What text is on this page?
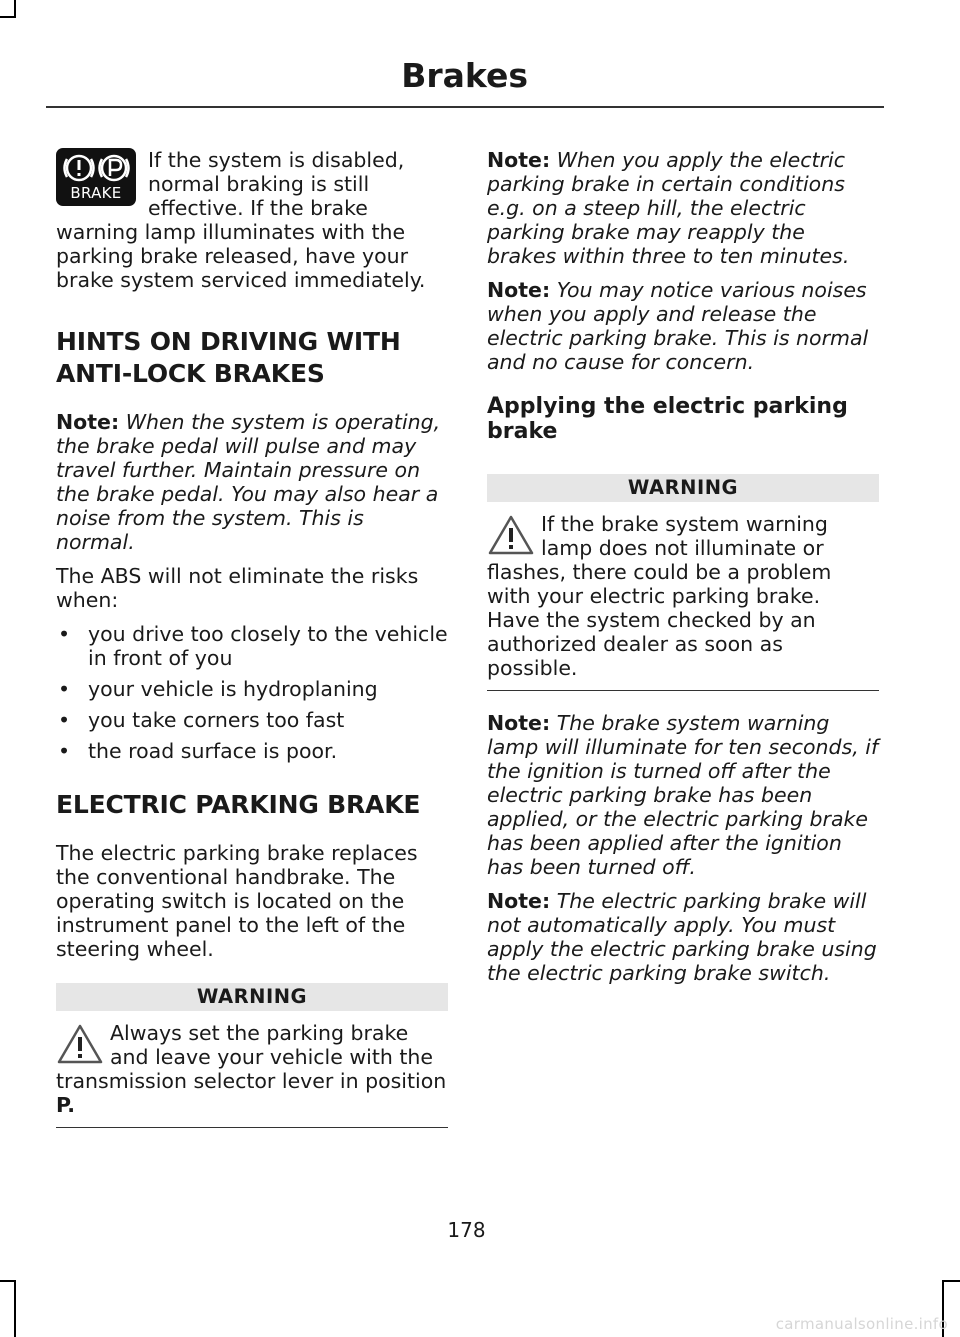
Brakes
BRAKE

If the system is disabled, normal braking is still effective. If the brake warning lamp illuminates with the parking brake released, have your brake system serviced immediately.

HINTS ON DRIVING WITH
ANTI-LOCK BRAKES

Note: When the system is operating, the brake pedal will pulse and may travel further. Maintain pressure on the brake pedal. You may also hear a noise from the system. This is normal.

The ABS will not eliminate the risks when:

• you drive too closely to the vehicle in front of you
• your vehicle is hydroplaning
• you take corners too fast
• the road surface is poor.
ELECTRIC PARKING BRAKE

The electric parking brake replaces the conventional handbrake. The operating switch is located on the instrument panel to the left of the steering wheel.

WARNING

Always set the parking brake and leave your vehicle with the transmission selector lever in position P.

Note: When you apply the electric parking brake in certain conditions e.g. on a steep hill, the electric parking brake may reapply the brakes within three to ten minutes.

Note: You may notice various noises when you apply and release the electric parking brake. This is normal and no cause for concern.

Applying the electric parking brake
WARNING

If the brake system warning lamp does not illuminate or flashes, there could be a problem with your electric parking brake. Have the system checked by an authorized dealer as soon as possible.

Note: The brake system warning lamp will illuminate for ten seconds, if the ignition is turned off after the electric parking brake has been applied, or the electric parking brake has been applied after the ignition has been turned off.

Note: The electric parking brake will not automatically apply. You must apply the electric parking brake using the electric parking brake switch.

178
carmanualsonline.info
